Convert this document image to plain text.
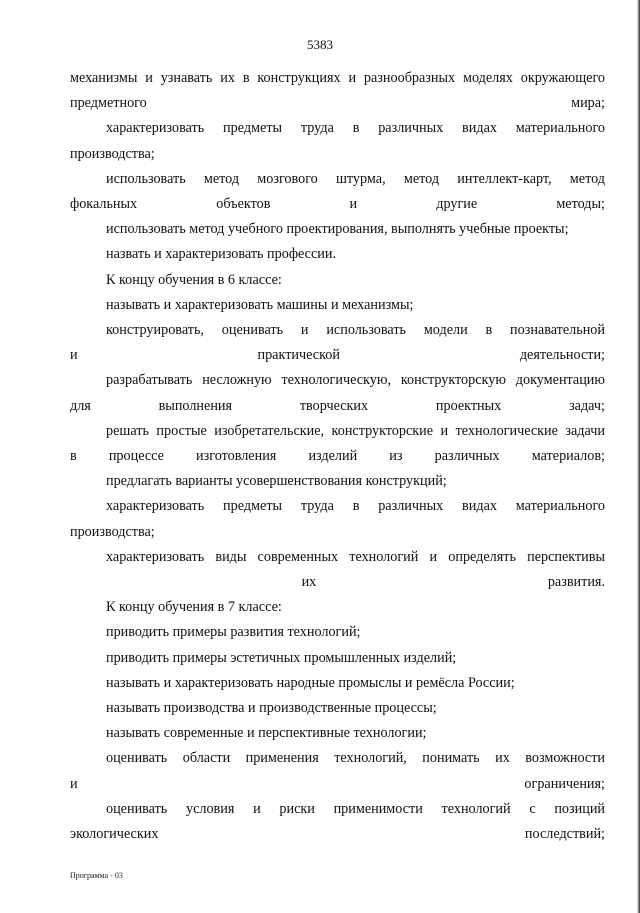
5383

механизмы и узнавать их в конструкциях и разнообразных моделях окружающего
предметного мира;

характеризовать предметы труда в различных видах материального
производства;

использовать метод мозгового штурма, метод интеллект-карт, метод
фокальных объектов и другие методы;

использовать метод учебного проектирования, выполнять учебные проекты;

назвать и характеризовать профессии.

К концу обучения в 6 классе:

называть и характеризовать машины и механизмы;

конструировать, оценивать и использовать модели в познавательной
и практической деятельности;

разрабатывать несложную технологическую, конструкторскую документацию
для выполнения творческих проектных задач;

решать простые изобретательские, конструкторские и технологические задачи
в процессе изготовления изделий из различных материалов;

предлагать варианты усовершенствования конструкций;

характеризовать предметы труда в различных видах материального
производства;

характеризовать виды современных технологий и определять перспективы
их развития.

К концу обучения в 7 классе:

приводить примеры развития технологий;

приводить примеры эстетичных промышленных изделий;

называть и характеризовать народные промыслы и ремёсла России;

называть производства и производственные процессы;

называть современные и перспективные технологии;

оценивать области применения технологий, понимать их возможности
и ограничения;

оценивать условия и риски применимости технологий с позиций
экологических последствий;

Программа - 03
